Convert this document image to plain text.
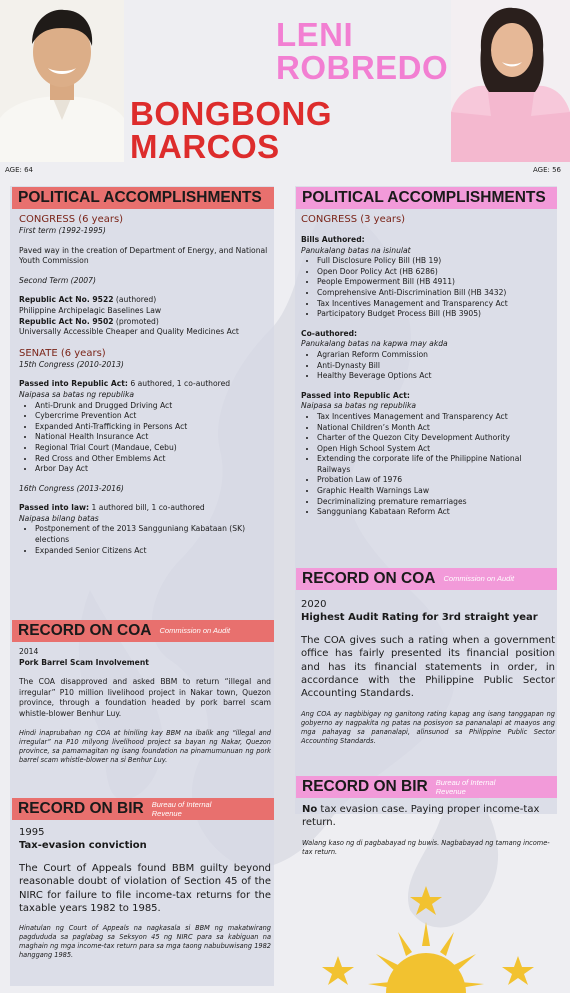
BONGBONG
MARCOS
LENI
ROBREDO
AGE: 64	AGE: 56
POLITICAL ACCOMPLISHMENTS
CONGRESS (6 years)

First term (1992-1995)

Paved way in the creation of Department of Energy, and National Youth Commission

Second Term (2007)

Republic Act No. 9522 (authored)

Philippine Archipelagic Baselines Law

Republic Act No. 9502 (promoted)

Universally Accessible Cheaper and Quality Medicines Act

SENATE (6 years)

15th Congress (2010-2013)

Passed into Republic Act: 6 authored, 1 co-authored

Naipasa sa batas ng republika

• Anti-Drunk and Drugged Driving Act
• Cybercrime Prevention Act
• Expanded Anti-Trafficking in Persons Act
• National Health Insurance Act
• Regional Trial Court (Mandaue, Cebu)
• Red Cross and Other Emblems Act
• Arbor Day Act

16th Congress (2013-2016)

Passed into law: 1 authored bill, 1 co-authored

Naipasa bilang batas

• Postponement of the 2013 Sangguniang Kabataan (SK) elections
• Expanded Senior Citizens Act
RECORD ON COA Commission on Audit

2014

Pork Barrel Scam Involvement

The COA disapproved and asked BBM to return “illegal and irregular” P10 million livelihood project in Nakar town, Quezon province, through a foundation headed by pork barrel scam whistle-blower Benhur Luy.

Hindi inaprubahan ng COA at hiniling kay BBM na ibalik ang “illegal and irregular” na P10 milyong livelihood project sa bayan ng Nakar, Quezon province, sa pamamagitan ng isang foundation na pinamumunuan ng pork barrel scam whistle-blower na si Benhur Luy.

RECORD ON BIR Bureau of Internal Revenue

1995

Tax-evasion conviction

The Court of Appeals found BBM guilty beyond reasonable doubt of violation of Section 45 of the NIRC for failure to file income-tax returns for the taxable years 1982 to 1985.

Hinatulan ng Court of Appeals na nagkasala si BBM ng makatwirang pagdududa sa paglabag sa Seksyon 45 ng NIRC para sa kabiguan na maghain ng mga income-tax return para sa mga taong nabubuwisang 1982 hanggang 1985.

POLITICAL ACCOMPLISHMENTS
CONGRESS (3 years)

Bills Authored:

Panukalang batas na isinulat

• Full Disclosure Policy Bill (HB 19)
• Open Door Policy Act (HB 6286)
• People Empowerment Bill (HB 4911)
• Comprehensive Anti-Discrimination Bill (HB 3432)
• Tax Incentives Management and Transparency Act
• Participatory Budget Process Bill (HB 3905)

Co-authored:

Panukalang batas na kapwa may akda

• Agrarian Reform Commission
• Anti-Dynasty Bill
• Healthy Beverage Options Act

Passed into Republic Act:

Naipasa sa batas ng republika

• Tax Incentives Management and Transparency Act
• National Children’s Month Act
• Charter of the Quezon City Development Authority
• Open High School System Act
• Extending the corporate life of the Philippine National Railways
• Probation Law of 1976
• Graphic Health Warnings Law
• Decriminalizing premature remarriages
• Sangguniang Kabataan Reform Act
RECORD ON COA Commission on Audit

2020

Highest Audit Rating for 3rd straight year

The COA gives such a rating when a government office has fairly presented its financial position and has its financial statements in order, in accordance with the Philippine Public Sector Accounting Standards.

Ang COA ay nagbibigay ng ganitong rating kapag ang isang tanggapan ng gobyerno ay nagpakita ng patas na posisyon sa pananalapi at maayos ang mga pahayag sa pananalapi, alinsunod sa Philippine Public Sector Accounting Standards.

RECORD ON BIR Bureau of Internal Revenue

No tax evasion case. Paying proper income-tax return.

Walang kaso ng di pagbabayad ng buwis. Nagbabayad ng tamang income-tax return.
